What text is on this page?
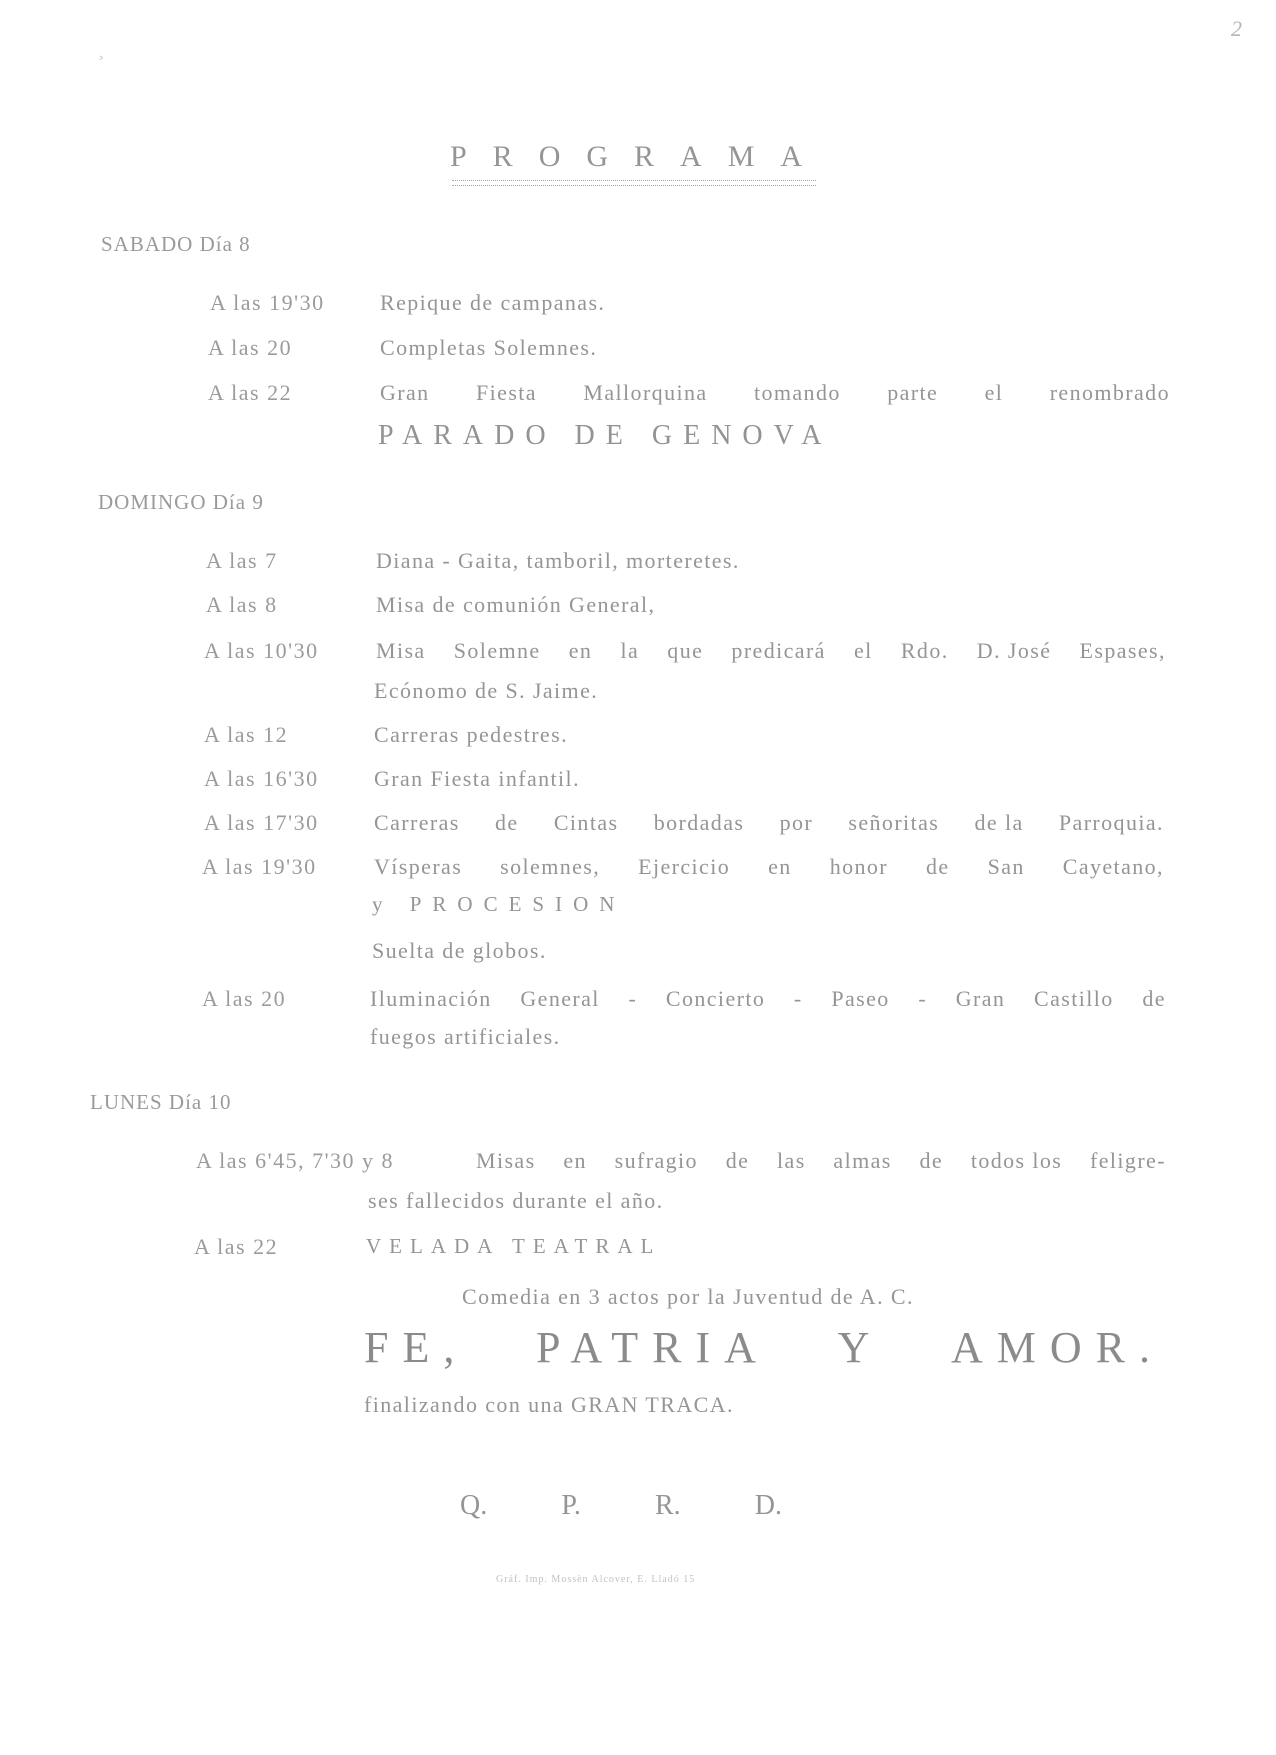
2
¸
PROGRAMA
SABADO Día 8
A las 19'30	Repique de campanas.
A las 20	Completas Solemnes.
A las 22	Gran Fiesta Mallorquina tomando parte el renombrado
PARADO DE GENOVA
DOMINGO Día 9
A las 7	Diana - Gaita, tamboril, morteretes.
A las 8	Misa de comunión General,
A las 10'30	Misa Solemne en la que predicará el Rdo. D. José Espases,
Ecónomo de S. Jaime.
A las 12	Carreras pedestres.
A las 16'30	Gran Fiesta infantil.
A las 17'30	Carreras de Cintas bordadas por señoritas de la Parroquia.
A las 19'30	Vísperas solemnes, Ejercicio en honor de San Cayetano,
y PROCESION
Suelta de globos.
A las 20	Iluminación General - Concierto - Paseo - Gran Castillo de
fuegos artificiales.
LUNES Día 10
A las 6'45, 7'30 y 8	Misas en sufragio de las almas de todos los feligre-
ses fallecidos durante el año.
A las 22	VELADA TEATRAL
Comedia en 3 actos por la Juventud de A. C.
FE, PATRIA Y AMOR.
finalizando con una GRAN TRACA.
Q.	P.	R.	D.
Gráf. Imp. Mossèn Alcover, E. Lladó 15
